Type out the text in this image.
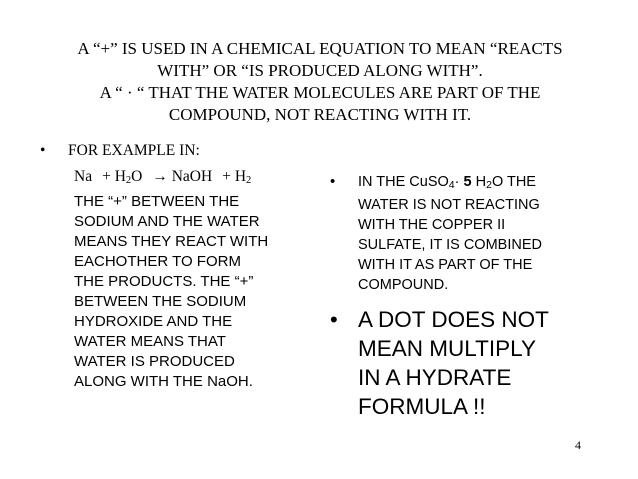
A “+” IS USED IN A CHEMICAL EQUATION TO MEAN “REACTS
WITH” OR “IS PRODUCED ALONG WITH”.
A “ · “ THAT THE WATER MOLECULES ARE PART OF THE
COMPOUND, NOT REACTING WITH IT.
•	FOR EXAMPLE IN:
Na + H2O → NaOH + H2
THE “+” BETWEEN THE
SODIUM AND THE WATER
MEANS THEY REACT WITH
EACHOTHER TO FORM
THE PRODUCTS. THE “+”
BETWEEN THE SODIUM
HYDROXIDE AND THE
WATER MEANS THAT
WATER IS PRODUCED
ALONG WITH THE NaOH.
•	IN THE CuSO4· 5 H2O THE
WATER IS NOT REACTING
WITH THE COPPER II
SULFATE, IT IS COMBINED
WITH IT AS PART OF THE
COMPOUND.
• A DOT DOES NOT
MEAN MULTIPLY
IN A HYDRATE
FORMULA !!
4
